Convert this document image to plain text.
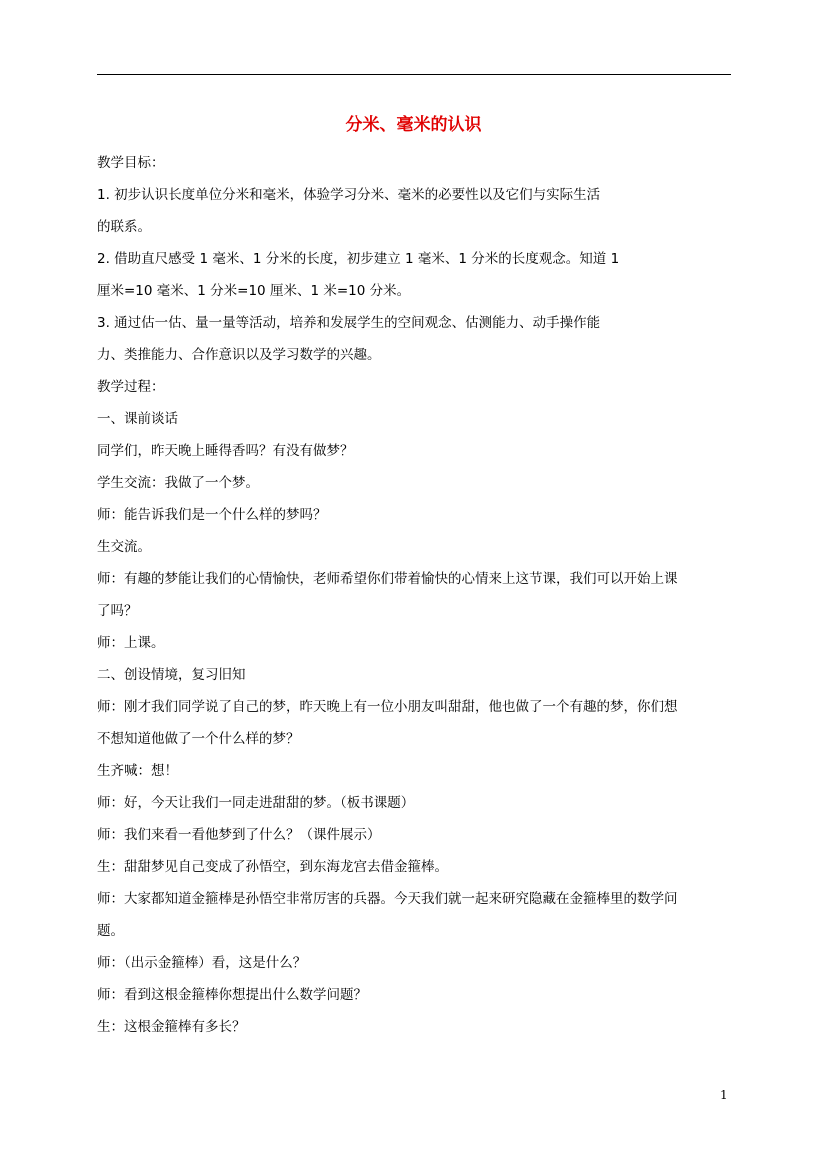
分米、毫米的认识
教学目标：
1. 初步认识长度单位分米和毫米，体验学习分米、毫米的必要性以及它们与实际生活
的联系。
2. 借助直尺感受 1 毫米、1 分米的长度，初步建立 1 毫米、1 分米的长度观念。知道 1
厘米=10 毫米、1 分米=10 厘米、1 米=10 分米。
3. 通过估一估、量一量等活动，培养和发展学生的空间观念、估测能力、动手操作能
力、类推能力、合作意识以及学习数学的兴趣。
教学过程：
一、课前谈话
同学们，昨天晚上睡得香吗？有没有做梦？
学生交流：我做了一个梦。
师：能告诉我们是一个什么样的梦吗？
生交流。
师：有趣的梦能让我们的心情愉快，老师希望你们带着愉快的心情来上这节课，我们可以开始上课
了吗？
师：上课。
二、创设情境，复习旧知
师：刚才我们同学说了自己的梦，昨天晚上有一位小朋友叫甜甜，他也做了一个有趣的梦，你们想
不想知道他做了一个什么样的梦？
生齐喊：想！
师：好，今天让我们一同走进甜甜的梦。（板书课题）
师：我们来看一看他梦到了什么？（课件展示）
生：甜甜梦见自己变成了孙悟空，到东海龙宫去借金箍棒。
师：大家都知道金箍棒是孙悟空非常厉害的兵器。今天我们就一起来研究隐藏在金箍棒里的数学问
题。
师：（出示金箍棒）看，这是什么？
师：看到这根金箍棒你想提出什么数学问题？
生：这根金箍棒有多长？
1
